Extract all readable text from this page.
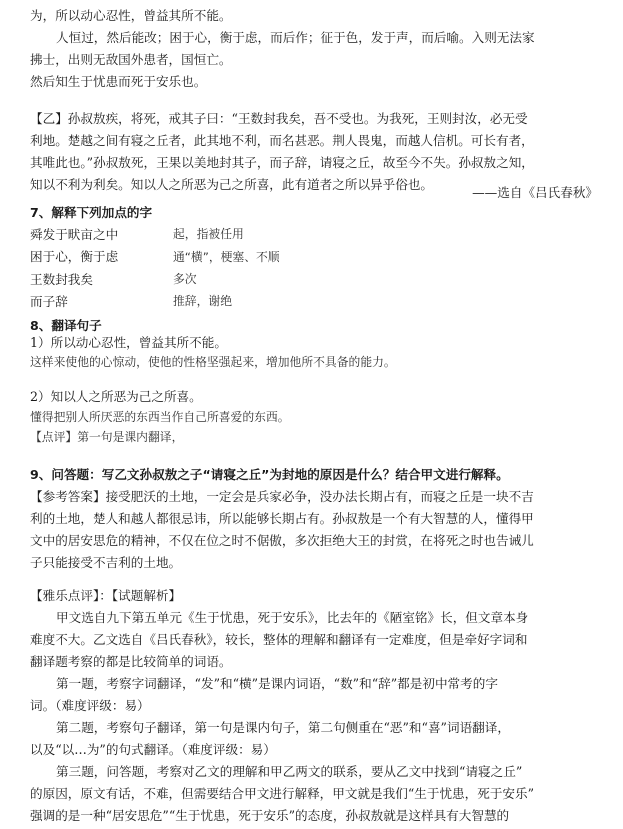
为，所以动心忍性，曾益其所不能。
人恒过，然后能改；困于心，衡于虑，而后作；征于色，发于声，而后喻。入则无法家
拂士，出则无敌国外患者，国恒亡。
然后知生于忧患而死于安乐也。
【乙】孙叔敖疾，将死，戒其子曰：“王数封我矣，吾不受也。为我死，王则封汝，必无受
利地。楚越之间有寝之丘者，此其地不利，而名甚恶。荆人畏鬼，而越人信机。可长有者，
其唯此也。”孙叔敖死，王果以美地封其子，而子辞，请寝之丘，故至今不失。孙叔敖之知，
知以不利为利矣。知以人之所恶为己之所喜，此有道者之所以异乎俗也。
——选自《吕氏春秋》
7、解释下列加点的字
舜发于畎亩之中	起，指被任用
困于心，衡于虑	通“横”，梗塞、不顺
王数封我矣	多次
而子辞	推辞，谢绝
8、翻译句子
1）所以动心忍性，曾益其所不能。
这样来使他的心惊动，使他的性格坚强起来，增加他所不具备的能力。
2）知以人之所恶为己之所喜。
懂得把别人所厌恶的东西当作自己所喜爱的东西。
【点评】第一句是课内翻译，
9、问答题：写乙文孙叔敖之子“请寝之丘”为封地的原因是什么？结合甲文进行解释。
【参考答案】接受肥沃的土地，一定会是兵家必争，没办法长期占有，而寝之丘是一块不吉
利的土地，楚人和越人都很忌讳，所以能够长期占有。孙叔敖是一个有大智慧的人，懂得甲
文中的居安思危的精神，不仅在位之时不倨傲，多次拒绝大王的封赏，在将死之时也告诫儿
子只能接受不吉利的土地。
【雅乐点评】：【试题解析】
甲文选自九下第五单元《生于忧患，死于安乐》，比去年的《陋室铭》长，但文章本身
难度不大。乙文选自《吕氏春秋》，较长，整体的理解和翻译有一定难度，但是牵好字词和
翻译题考察的都是比较简单的词语。
第一题，考察字词翻译，“发”和“横”是课内词语，“数”和“辞”都是初中常考的字
词。（难度评级：易）
第二题，考察句子翻译，第一句是课内句子，第二句侧重在“恶”和“喜”词语翻译，
以及“以…为”的句式翻译。（难度评级：易）
第三题，问答题，考察对乙文的理解和甲乙两文的联系，要从乙文中找到“请寝之丘”
的原因，原文有话，不难，但需要结合甲文进行解释，甲文就是我们“生于忧患，死于安乐”
强调的是一种“居安思危”“生于忧患，死于安乐”的态度，孙叔敖就是这样具有大智慧的
